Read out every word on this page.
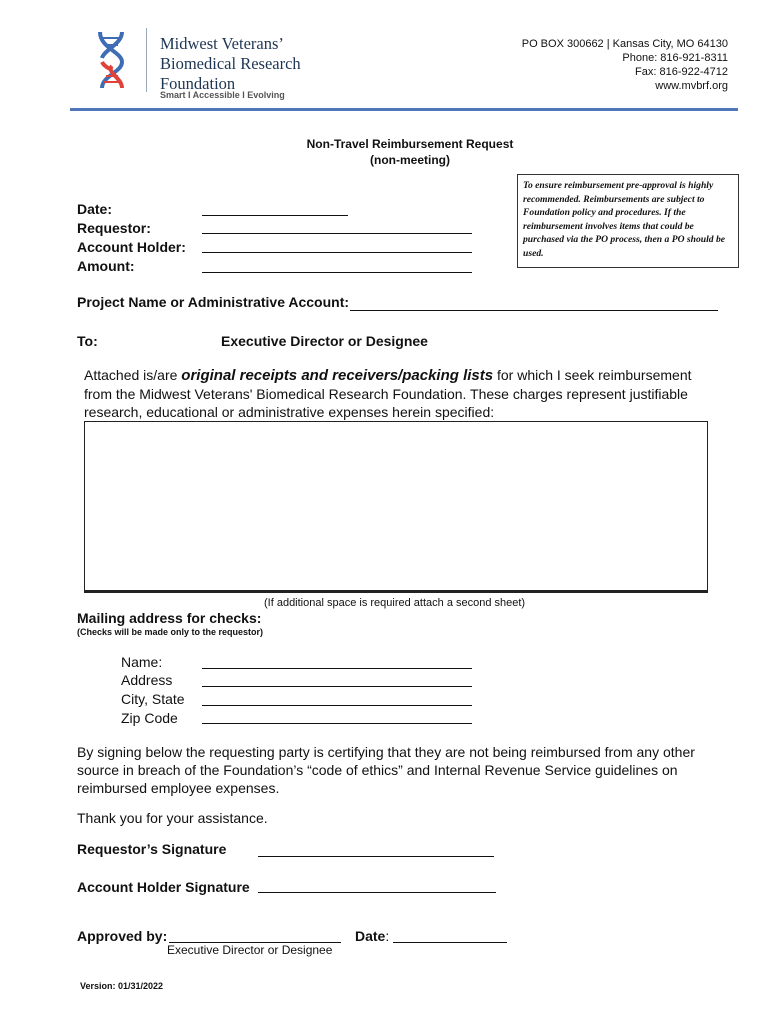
Midwest Veterans’
Biomedical Research
Foundation
Smart I Accessible I Evolving
PO BOX 300662 | Kansas City, MO 64130
Phone: 816-921-8311
Fax: 816-922-4712
www.mvbrf.org
Non-Travel Reimbursement Request
(non-meeting)
To ensure reimbursement pre-approval is highly recommended. Reimbursements are subject to Foundation policy and procedures. If the reimbursement involves items that could be purchased via the PO process, then a PO should be used.
Date:
Requestor:
Account Holder:
Amount:
Project Name or Administrative Account:
To:	Executive Director or Designee
Attached is/are original receipts and receivers/packing lists for which I seek reimbursement from the Midwest Veterans' Biomedical Research Foundation. These charges represent justifiable research, educational or administrative expenses herein specified:
(If additional space is required attach a second sheet)
Mailing address for checks:
(Checks will be made only to the requestor)
Name:
Address
City, State
Zip Code
By signing below the requesting party is certifying that they are not being reimbursed from any other source in breach of the Foundation’s “code of ethics” and Internal Revenue Service guidelines on reimbursed employee expenses.
Thank you for your assistance.
Requestor’s Signature
Account Holder Signature
Approved by:
Executive Director or Designee
Date:
Version: 01/31/2022
